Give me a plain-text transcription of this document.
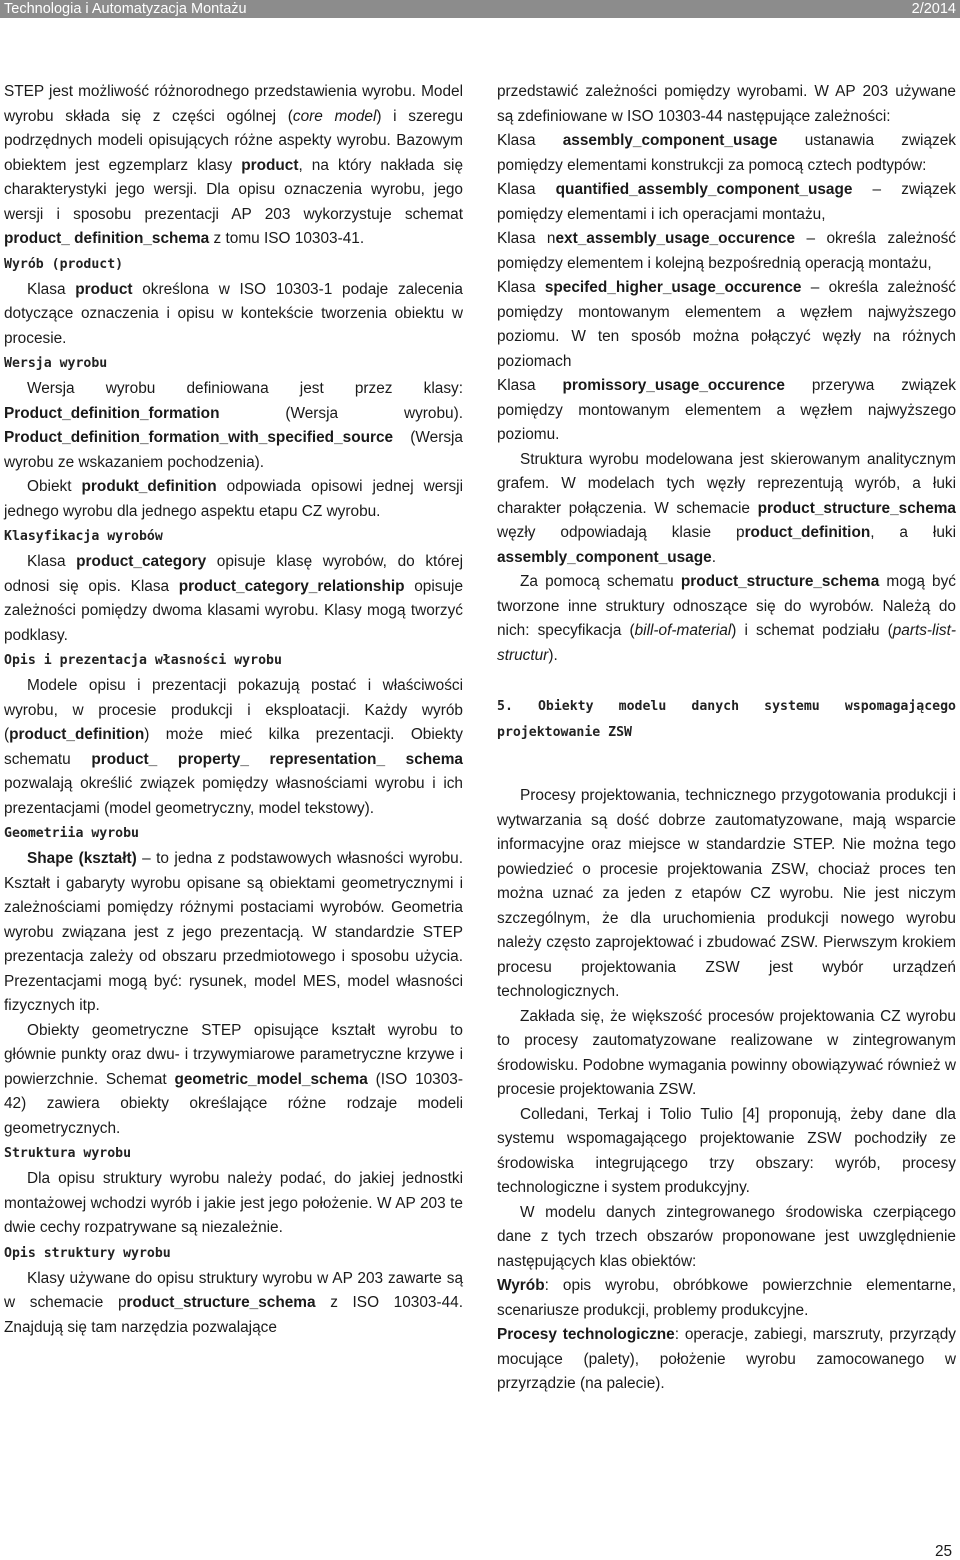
Technologia i Automatyzacja Montażu	2/2014

STEP jest możliwość różnorodnego przedstawienia wyrobu. Model wyrobu składa się z części ogólnej (core model) i szeregu podrzędnych modeli opisujących różne aspekty wyrobu. Bazowym obiektem jest egzemplarz klasy product, na który nakłada się charakterystyki jego wersji. Dla opisu oznaczenia wyrobu, jego wersji i sposobu prezentacji AP 203 wykorzystuje schemat product_ definition_schema z tomu ISO 10303-41.

Wyrób (product)

Klasa product określona w ISO 10303-1 podaje zalecenia dotyczące oznaczenia i opisu w kontekście tworzenia obiektu w procesie.

Wersja wyrobu

Wersja wyrobu definiowana jest przez klasy: Product_definition_formation (Wersja wyrobu). Product_definition_formation_with_specified_source (Wersja wyrobu ze wskazaniem pochodzenia).

Obiekt produkt_definition odpowiada opisowi jednej wersji jednego wyrobu dla jednego aspektu etapu CZ wyrobu.

Klasyfikacja wyrobów

Klasa product_category opisuje klasę wyrobów, do której odnosi się opis. Klasa product_category_relationship opisuje zależności pomiędzy dwoma klasami wyrobu. Klasy mogą tworzyć podklasy.

Opis i prezentacja własności wyrobu

Modele opisu i prezentacji pokazują postać i właściwości wyrobu, w procesie produkcji i eksploatacji. Każdy wyrób (product_definition) może mieć kilka prezentacji. Obiekty schematu product_ property_ representation_ schema pozwalają określić związek pomiędzy własnościami wyrobu i ich prezentacjami (model geometryczny, model tekstowy).

Geometriia wyrobu

Shape (kształt) – to jedna z podstawowych własności wyrobu. Kształt i gabaryty wyrobu opisane są obiektami geometrycznymi i zależnościami pomiędzy różnymi postaciami wyrobów. Geometria wyrobu związana jest z jego prezentacją. W standardzie STEP prezentacja zależy od obszaru przedmiotowego i sposobu użycia. Prezentacjami mogą być: rysunek, model MES, model własności fizycznych itp.

Obiekty geometryczne STEP opisujące kształt wyrobu to głównie punkty oraz dwu- i trzywymiarowe parametryczne krzywe i powierzchnie. Schemat geometric_model_schema (ISO 10303-42) zawiera obiekty określające różne rodzaje modeli geometrycznych.

Struktura wyrobu

Dla opisu struktury wyrobu należy podać, do jakiej jednostki montażowej wchodzi wyrób i jakie jest jego położenie. W AP 203 te dwie cechy rozpatrywane są niezależnie.

Opis struktury wyrobu

Klasy używane do opisu struktury wyrobu w AP 203 zawarte są w schemacie product_structure_schema z ISO 10303-44. Znajdują się tam narzędzia pozwalające

przedstawić zależności pomiędzy wyrobami. W AP 203 używane są zdefiniowane w ISO 10303-44 następujące zależności:

Klasa assembly_component_usage ustanawia związek pomiędzy elementami konstrukcji za pomocą cztech podtypów:

Klasa quantified_assembly_component_usage – związek pomiędzy elementami i ich operacjami montażu,

Klasa next_assembly_usage_occurence – określa zależność pomiędzy elementem i kolejną bezpośrednią operacją montażu,

Klasa specifed_higher_usage_occurence – określa zależność pomiędzy montowanym elementem a węzłem najwyższego poziomu. W ten sposób można połączyć węzły na różnych poziomach

Klasa promissory_usage_occurence przerywa związek pomiędzy montowanym elementem a węzłem najwyższego poziomu.

Struktura wyrobu modelowana jest skierowanym analitycznym grafem. W modelach tych węzły reprezentują wyrób, a łuki charakter połączenia. W schemacie product_structure_schema węzły odpowiadają klasie product_definition, a łuki assembly_component_usage.

Za pomocą schematu product_structure_schema mogą być tworzone inne struktury odnoszące się do wyrobów. Należą do nich: specyfikacja (bill-of-material) i schemat podziału (parts-list-structur).

5. Obiekty modelu danych systemu wspomagającego projektowanie ZSW

Procesy projektowania, technicznego przygotowania produkcji i wytwarzania są dość dobrze zautomatyzowane, mają wsparcie informacyjne oraz miejsce w standardzie STEP. Nie można tego powiedzieć o procesie projektowania ZSW, chociaż proces ten można uznać za jeden z etapów CZ wyrobu. Nie jest niczym szczególnym, że dla uruchomienia produkcji nowego wyrobu należy często zaprojektować i zbudować ZSW. Pierwszym krokiem procesu projektowania ZSW jest wybór urządzeń technologicznych.

Zakłada się, że większość procesów projektowania CZ wyrobu to procesy zautomatyzowane realizowane w zintegrowanym środowisku. Podobne wymagania powinny obowiązywać również w procesie projektowania ZSW.

Colledani, Terkaj i Tolio Tulio [4] proponują, żeby dane dla systemu wspomagającego projektowanie ZSW pochodziły ze środowiska integrującego trzy obszary: wyrób, procesy technologiczne i system produkcyjny.

W modelu danych zintegrowanego środowiska czerpiącego dane z tych trzech obszarów proponowane jest uwzględnienie następujących klas obiektów:

Wyrób: opis wyrobu, obróbkowe powierzchnie elementarne, scenariusze produkcji, problemy produkcyjne.

Procesy technologiczne: operacje, zabiegi, marszruty, przyrządy mocujące (palety), położenie wyrobu zamocowanego w przyrządzie (na palecie).

25
